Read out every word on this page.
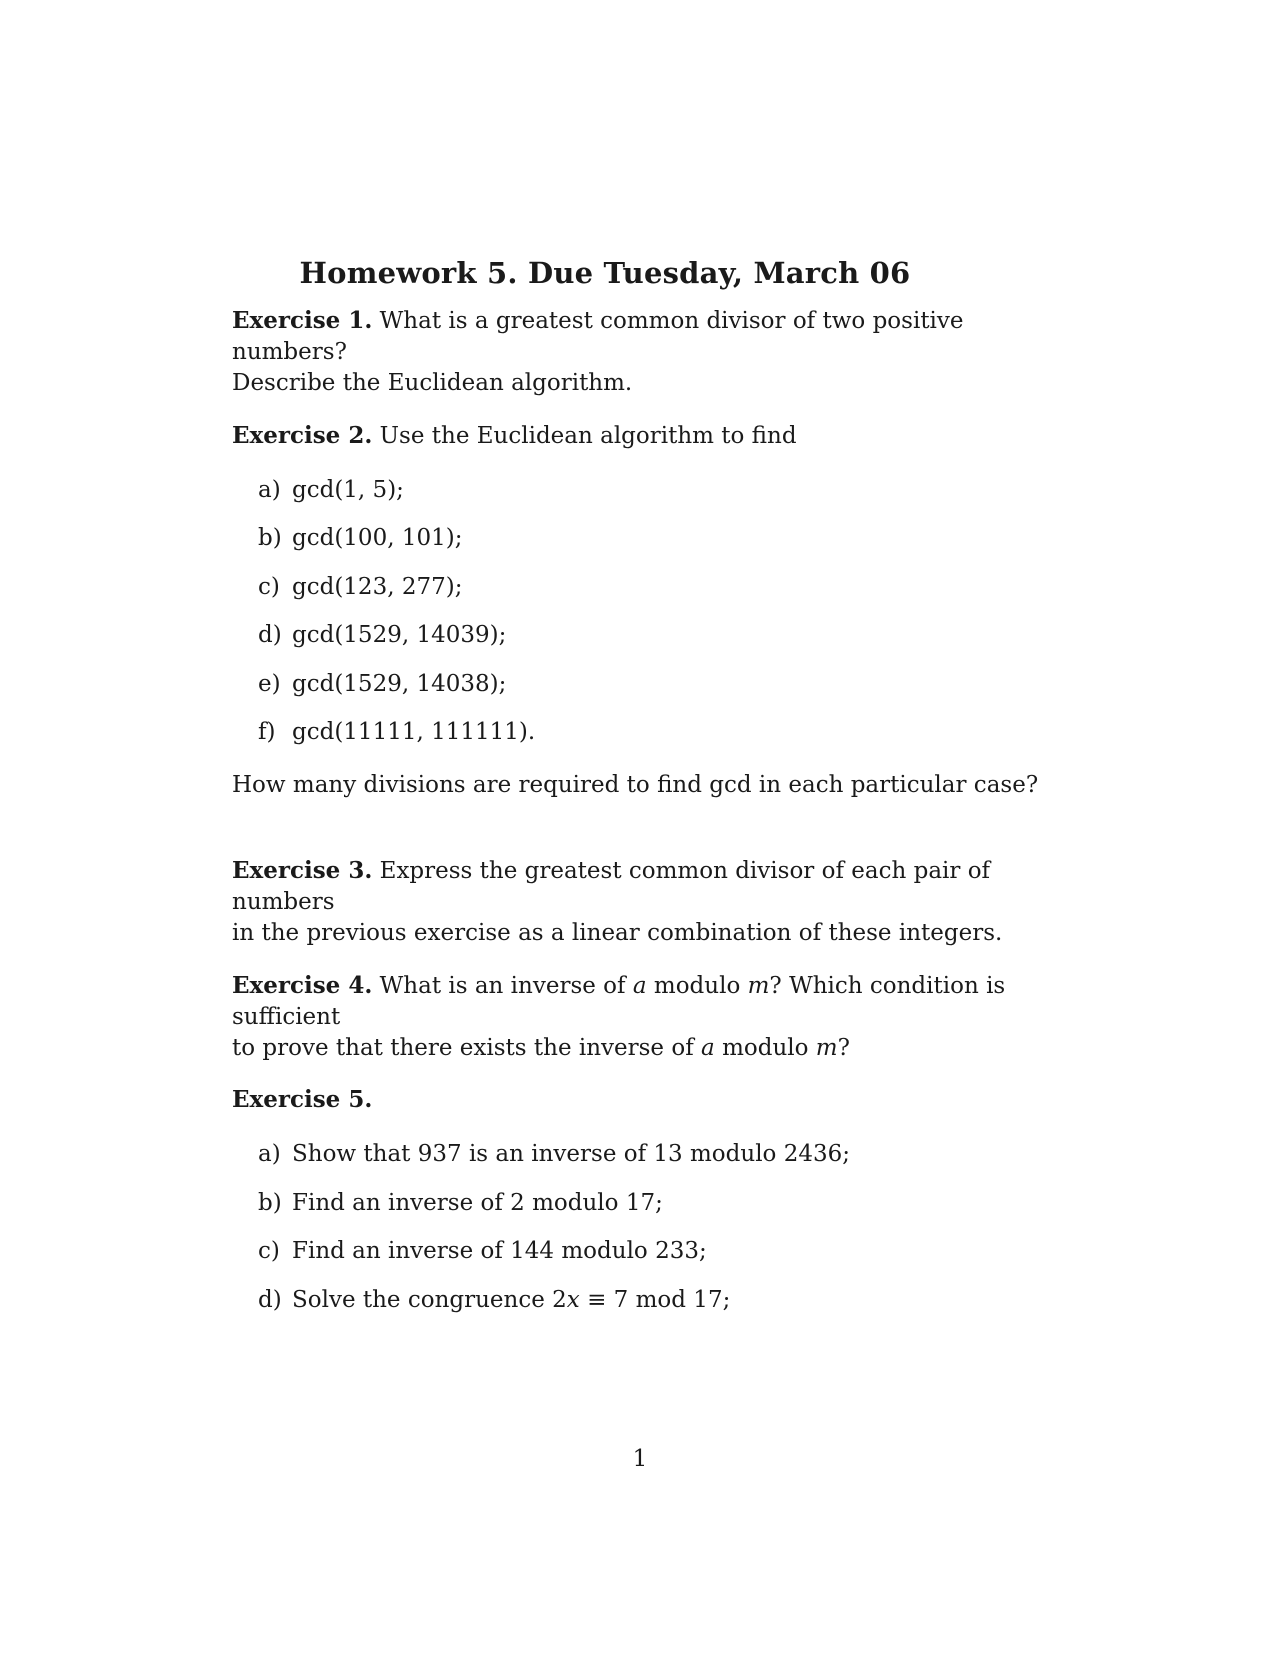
Homework 5. Due Tuesday, March 06
Exercise 1. What is a greatest common divisor of two positive numbers?
Describe the Euclidean algorithm.
Exercise 2. Use the Euclidean algorithm to find
a) gcd(1, 5);
b) gcd(100, 101);
c) gcd(123, 277);
d) gcd(1529, 14039);
e) gcd(1529, 14038);
f) gcd(11111, 111111).
How many divisions are required to find gcd in each particular case?
Exercise 3. Express the greatest common divisor of each pair of numbers
in the previous exercise as a linear combination of these integers.
Exercise 4. What is an inverse of a modulo m? Which condition is sufficient
to prove that there exists the inverse of a modulo m?
Exercise 5.
a) Show that 937 is an inverse of 13 modulo 2436;
b) Find an inverse of 2 modulo 17;
c) Find an inverse of 144 modulo 233;
d) Solve the congruence 2x ≡ 7 mod 17;
1
